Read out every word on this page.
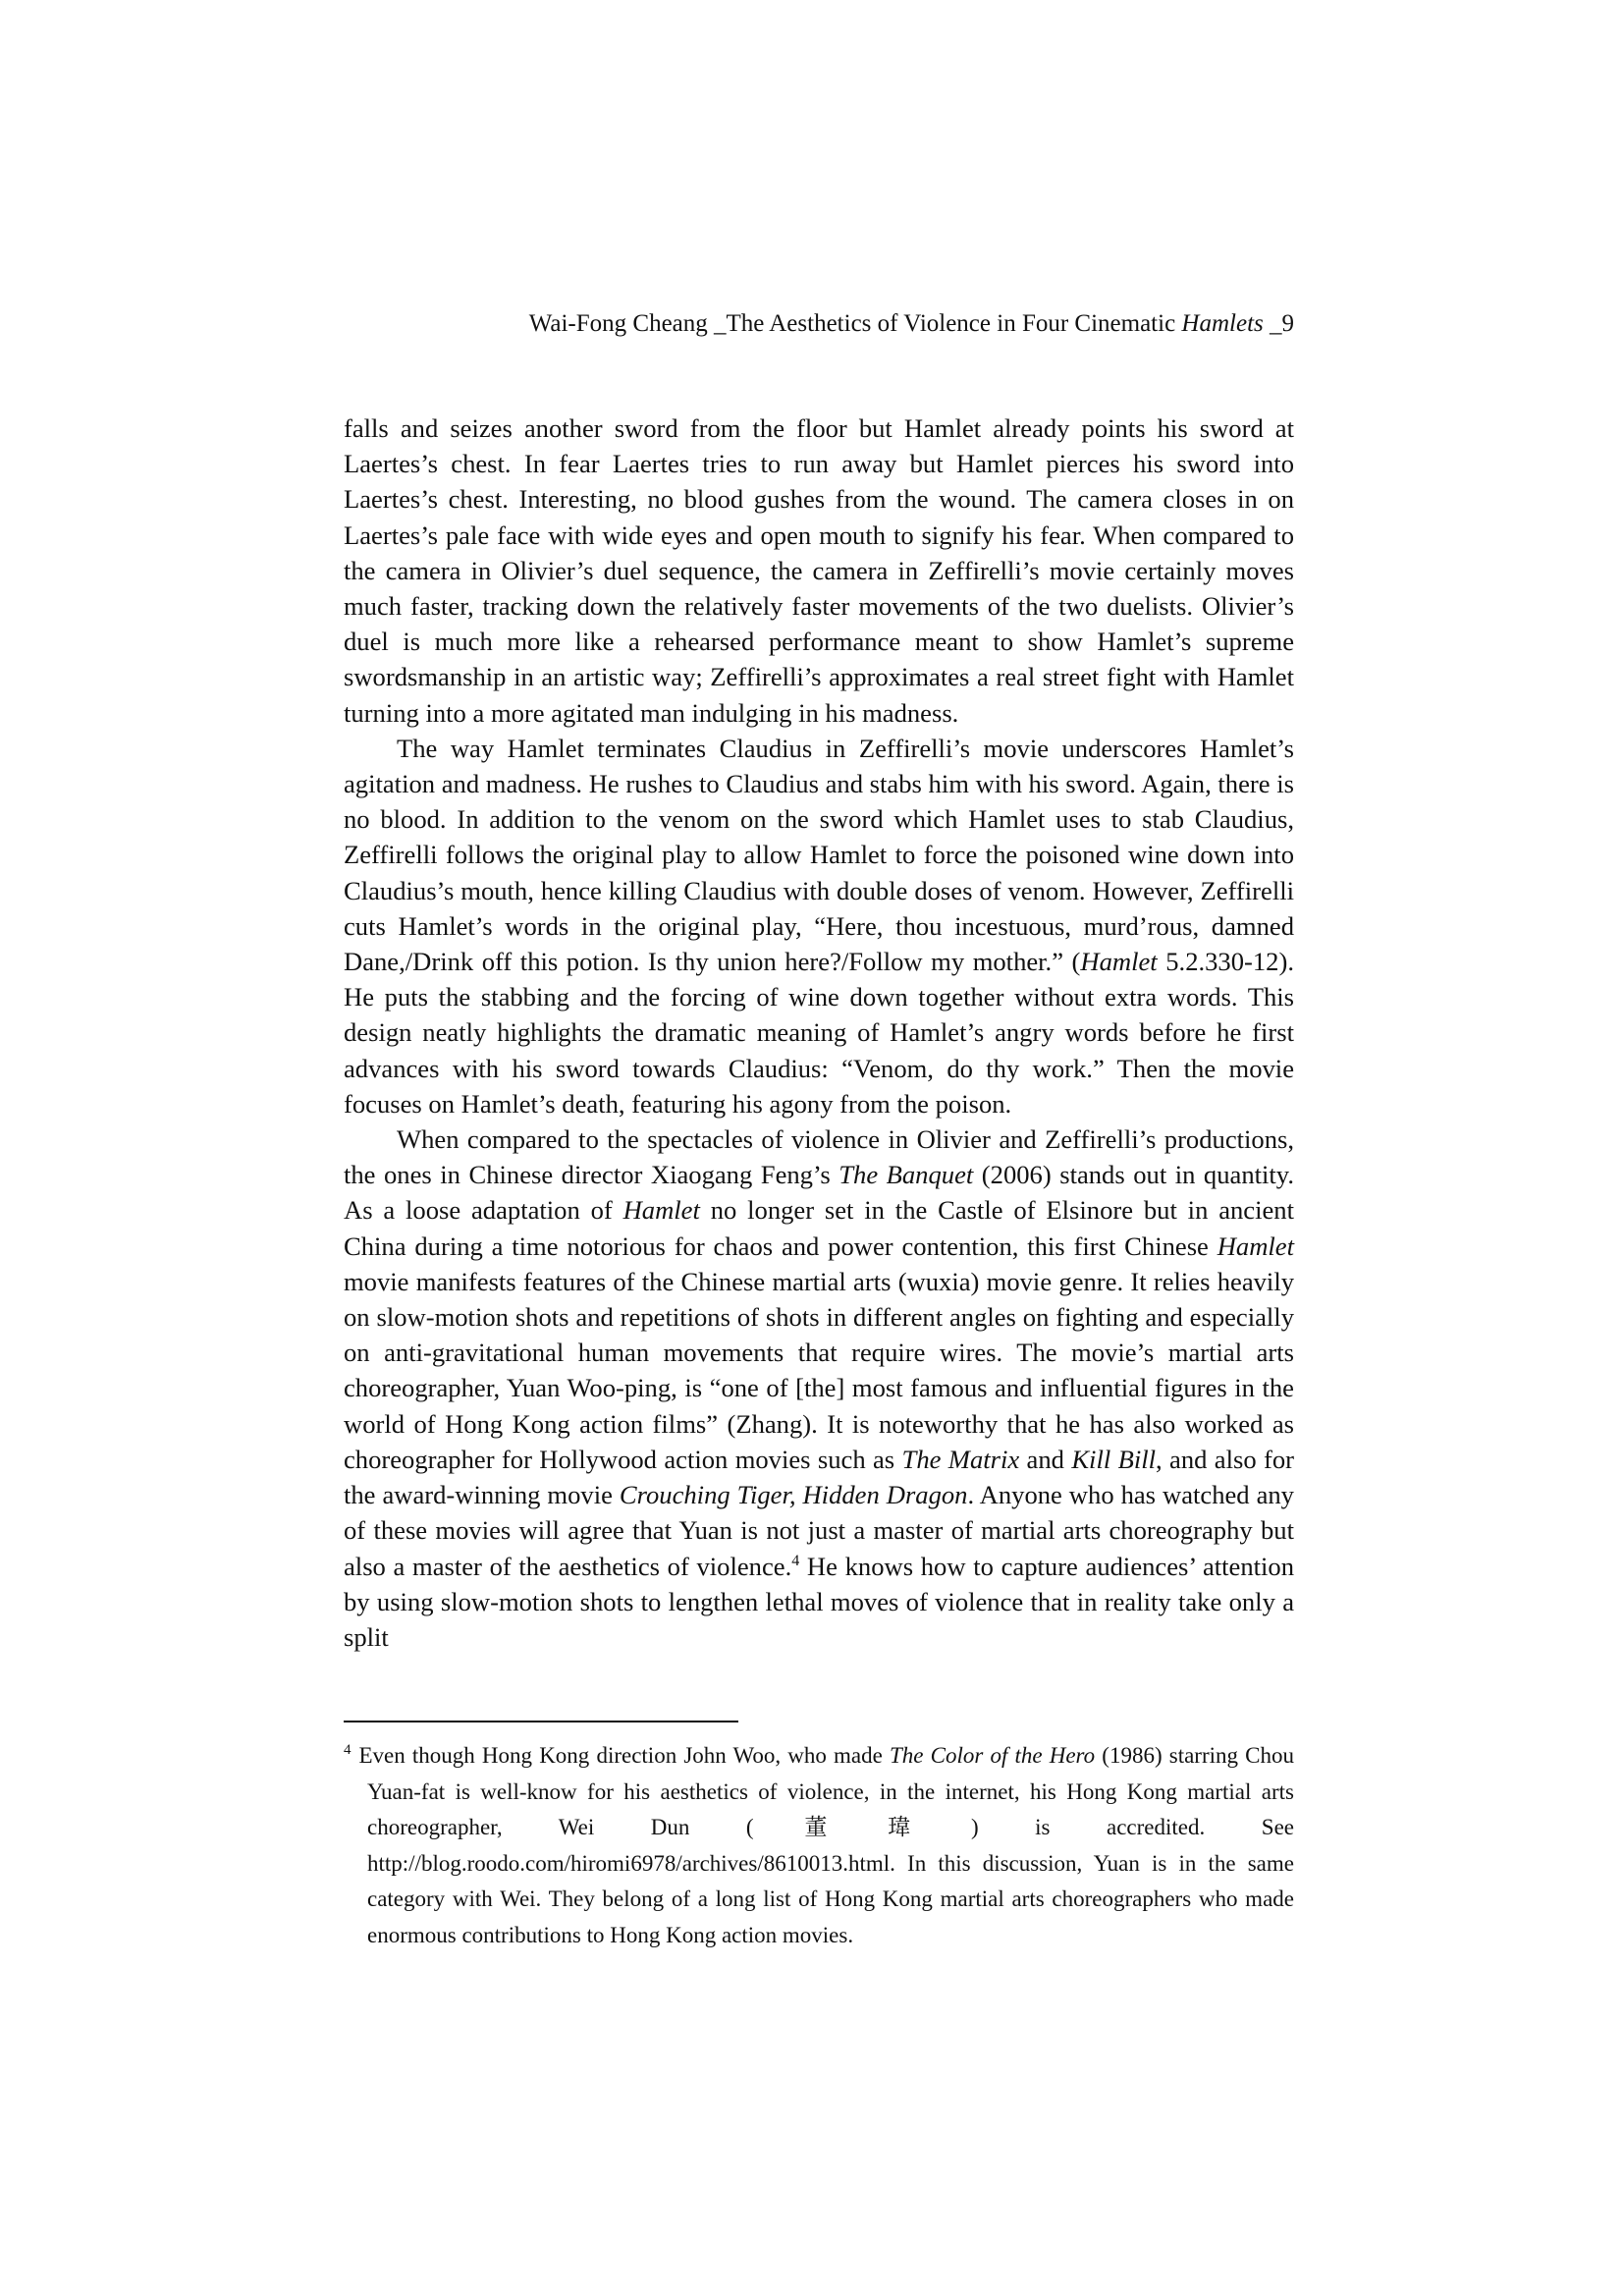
Wai-Fong Cheang _The Aesthetics of Violence in Four Cinematic Hamlets _9

falls and seizes another sword from the floor but Hamlet already points his sword at Laertes’s chest. In fear Laertes tries to run away but Hamlet pierces his sword into Laertes’s chest. Interesting, no blood gushes from the wound. The camera closes in on Laertes’s pale face with wide eyes and open mouth to signify his fear. When compared to the camera in Olivier’s duel sequence, the camera in Zeffirelli’s movie certainly moves much faster, tracking down the relatively faster movements of the two duelists. Olivier’s duel is much more like a rehearsed performance meant to show Hamlet’s supreme swordsmanship in an artistic way; Zeffirelli’s approximates a real street fight with Hamlet turning into a more agitated man indulging in his madness.

The way Hamlet terminates Claudius in Zeffirelli’s movie underscores Hamlet’s agitation and madness. He rushes to Claudius and stabs him with his sword. Again, there is no blood. In addition to the venom on the sword which Hamlet uses to stab Claudius, Zeffirelli follows the original play to allow Hamlet to force the poisoned wine down into Claudius’s mouth, hence killing Claudius with double doses of venom. However, Zeffirelli cuts Hamlet’s words in the original play, “Here, thou incestuous, murd’rous, damned Dane,/Drink off this potion. Is thy union here?/Follow my mother.” (Hamlet 5.2.330-12). He puts the stabbing and the forcing of wine down together without extra words. This design neatly highlights the dramatic meaning of Hamlet’s angry words before he first advances with his sword towards Claudius: “Venom, do thy work.” Then the movie focuses on Hamlet’s death, featuring his agony from the poison.

When compared to the spectacles of violence in Olivier and Zeffirelli’s productions, the ones in Chinese director Xiaogang Feng’s The Banquet (2006) stands out in quantity. As a loose adaptation of Hamlet no longer set in the Castle of Elsinore but in ancient China during a time notorious for chaos and power contention, this first Chinese Hamlet movie manifests features of the Chinese martial arts (wuxia) movie genre. It relies heavily on slow-motion shots and repetitions of shots in different angles on fighting and especially on anti-gravitational human movements that require wires. The movie’s martial arts choreographer, Yuan Woo-ping, is “one of [the] most famous and influential figures in the world of Hong Kong action films” (Zhang). It is noteworthy that he has also worked as choreographer for Hollywood action movies such as The Matrix and Kill Bill, and also for the award-winning movie Crouching Tiger, Hidden Dragon. Anyone who has watched any of these movies will agree that Yuan is not just a master of martial arts choreography but also a master of the aesthetics of violence.$^4$ He knows how to capture audiences’ attention by using slow-motion shots to lengthen lethal moves of violence that in reality take only a split

$^4$ Even though Hong Kong direction John Woo, who made The Color of the Hero (1986) starring Chou Yuan-fat is well-know for his aesthetics of violence, in the internet, his Hong Kong martial arts choreographer, Wei Dun (董瑋) is accredited. See http://blog.roodo.com/hiromi6978/archives/8610013.html. In this discussion, Yuan is in the same category with Wei. They belong of a long list of Hong Kong martial arts choreographers who made enormous contributions to Hong Kong action movies.
